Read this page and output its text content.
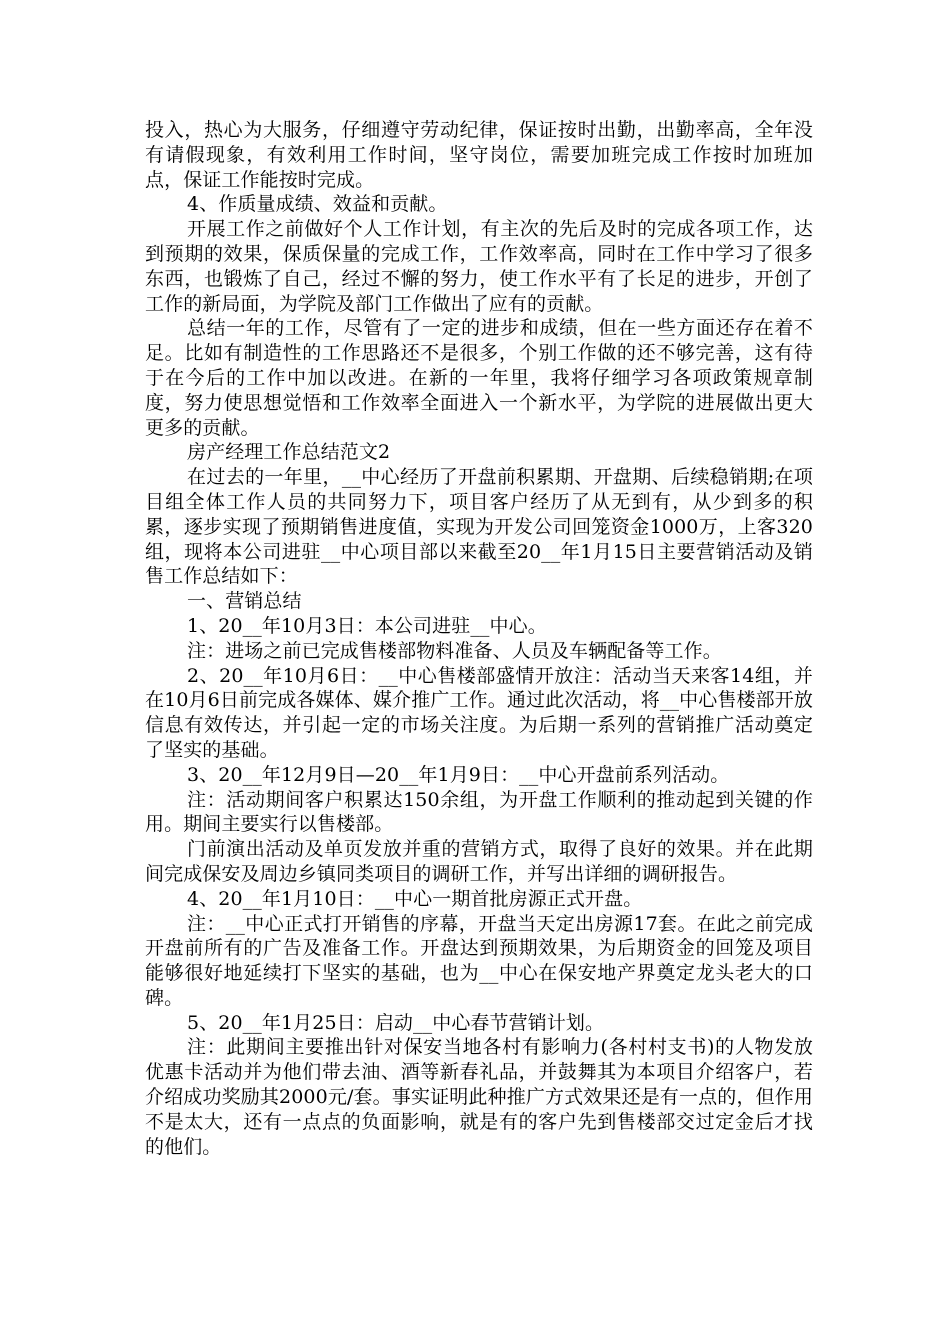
投入，热心为大服务，仔细遵守劳动纪律，保证按时出勤，出勤率高，全年没有请假现象，有效利用工作时间，坚守岗位，需要加班完成工作按时加班加点，保证工作能按时完成。

4、作质量成绩、效益和贡献。

开展工作之前做好个人工作计划，有主次的先后及时的完成各项工作，达到预期的效果，保质保量的完成工作，工作效率高，同时在工作中学习了很多东西，也锻炼了自己，经过不懈的努力，使工作水平有了长足的进步，开创了工作的新局面，为学院及部门工作做出了应有的贡献。

总结一年的工作，尽管有了一定的进步和成绩，但在一些方面还存在着不足。比如有制造性的工作思路还不是很多，个别工作做的还不够完善，这有待于在今后的工作中加以改进。在新的一年里，我将仔细学习各项政策规章制度，努力使思想觉悟和工作效率全面进入一个新水平，为学院的进展做出更大更多的贡献。

房产经理工作总结范文2

在过去的一年里，__中心经历了开盘前积累期、开盘期、后续稳销期;在项目组全体工作人员的共同努力下，项目客户经历了从无到有，从少到多的积累，逐步实现了预期销售进度值，实现为开发公司回笼资金1000万，上客320组，现将本公司进驻__中心项目部以来截至20__年1月15日主要营销活动及销售工作总结如下：

一、营销总结

1、20__年10月3日：本公司进驻__中心。

注：进场之前已完成售楼部物料准备、人员及车辆配备等工作。

2、20__年10月6日：__中心售楼部盛情开放注：活动当天来客14组，并在10月6日前完成各媒体、媒介推广工作。通过此次活动，将__中心售楼部开放信息有效传达，并引起一定的市场关注度。为后期一系列的营销推广活动奠定了坚实的基础。

3、20__年12月9日—20__年1月9日：__中心开盘前系列活动。

注：活动期间客户积累达150余组，为开盘工作顺利的推动起到关键的作用。期间主要实行以售楼部。

门前演出活动及单页发放并重的营销方式，取得了良好的效果。并在此期间完成保安及周边乡镇同类项目的调研工作，并写出详细的调研报告。

4、20__年1月10日：__中心一期首批房源正式开盘。

注：__中心正式打开销售的序幕，开盘当天定出房源17套。在此之前完成开盘前所有的广告及准备工作。开盘达到预期效果，为后期资金的回笼及项目能够很好地延续打下坚实的基础，也为__中心在保安地产界奠定龙头老大的口碑。

5、20__年1月25日：启动__中心春节营销计划。

注：此期间主要推出针对保安当地各村有影响力(各村村支书)的人物发放优惠卡活动并为他们带去油、酒等新春礼品，并鼓舞其为本项目介绍客户，若介绍成功奖励其2000元/套。事实证明此种推广方式效果还是有一点的，但作用不是太大，还有一点点的负面影响，就是有的客户先到售楼部交过定金后才找的他们。
